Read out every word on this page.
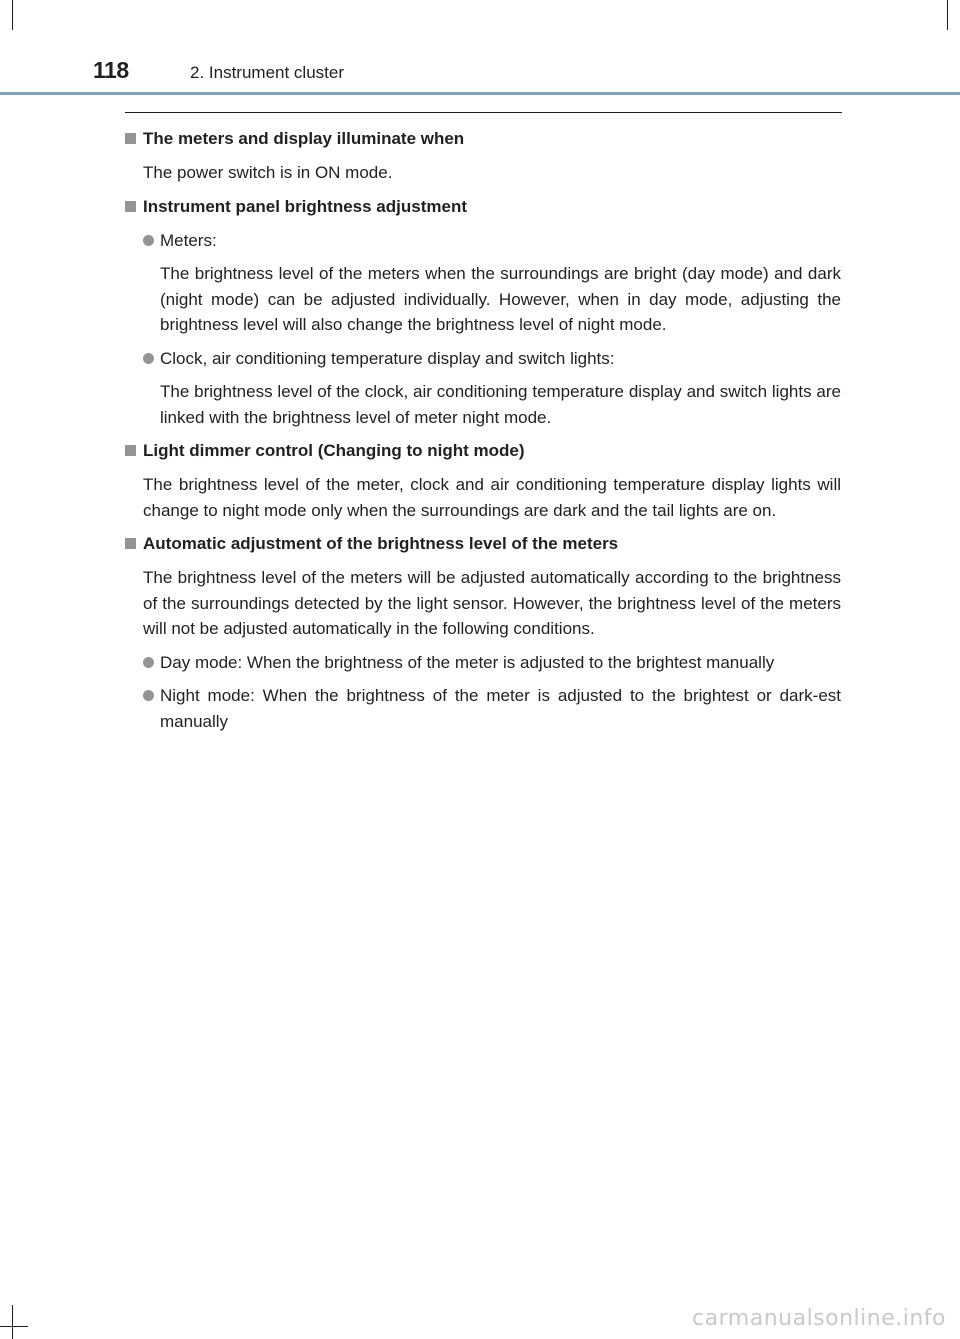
118	2. Instrument cluster
The meters and display illuminate when
The power switch is in ON mode.
Instrument panel brightness adjustment
Meters:
The brightness level of the meters when the surroundings are bright (day mode) and dark (night mode) can be adjusted individually. However, when in day mode, adjusting the brightness level will also change the brightness level of night mode.
Clock, air conditioning temperature display and switch lights:
The brightness level of the clock, air conditioning temperature display and switch lights are linked with the brightness level of meter night mode.
Light dimmer control (Changing to night mode)
The brightness level of the meter, clock and air conditioning temperature display lights will change to night mode only when the surroundings are dark and the tail lights are on.
Automatic adjustment of the brightness level of the meters
The brightness level of the meters will be adjusted automatically according to the brightness of the surroundings detected by the light sensor. However, the brightness level of the meters will not be adjusted automatically in the following conditions.
Day mode: When the brightness of the meter is adjusted to the brightest manually
Night mode: When the brightness of the meter is adjusted to the brightest or dark-est manually
carmanualsonline.info
